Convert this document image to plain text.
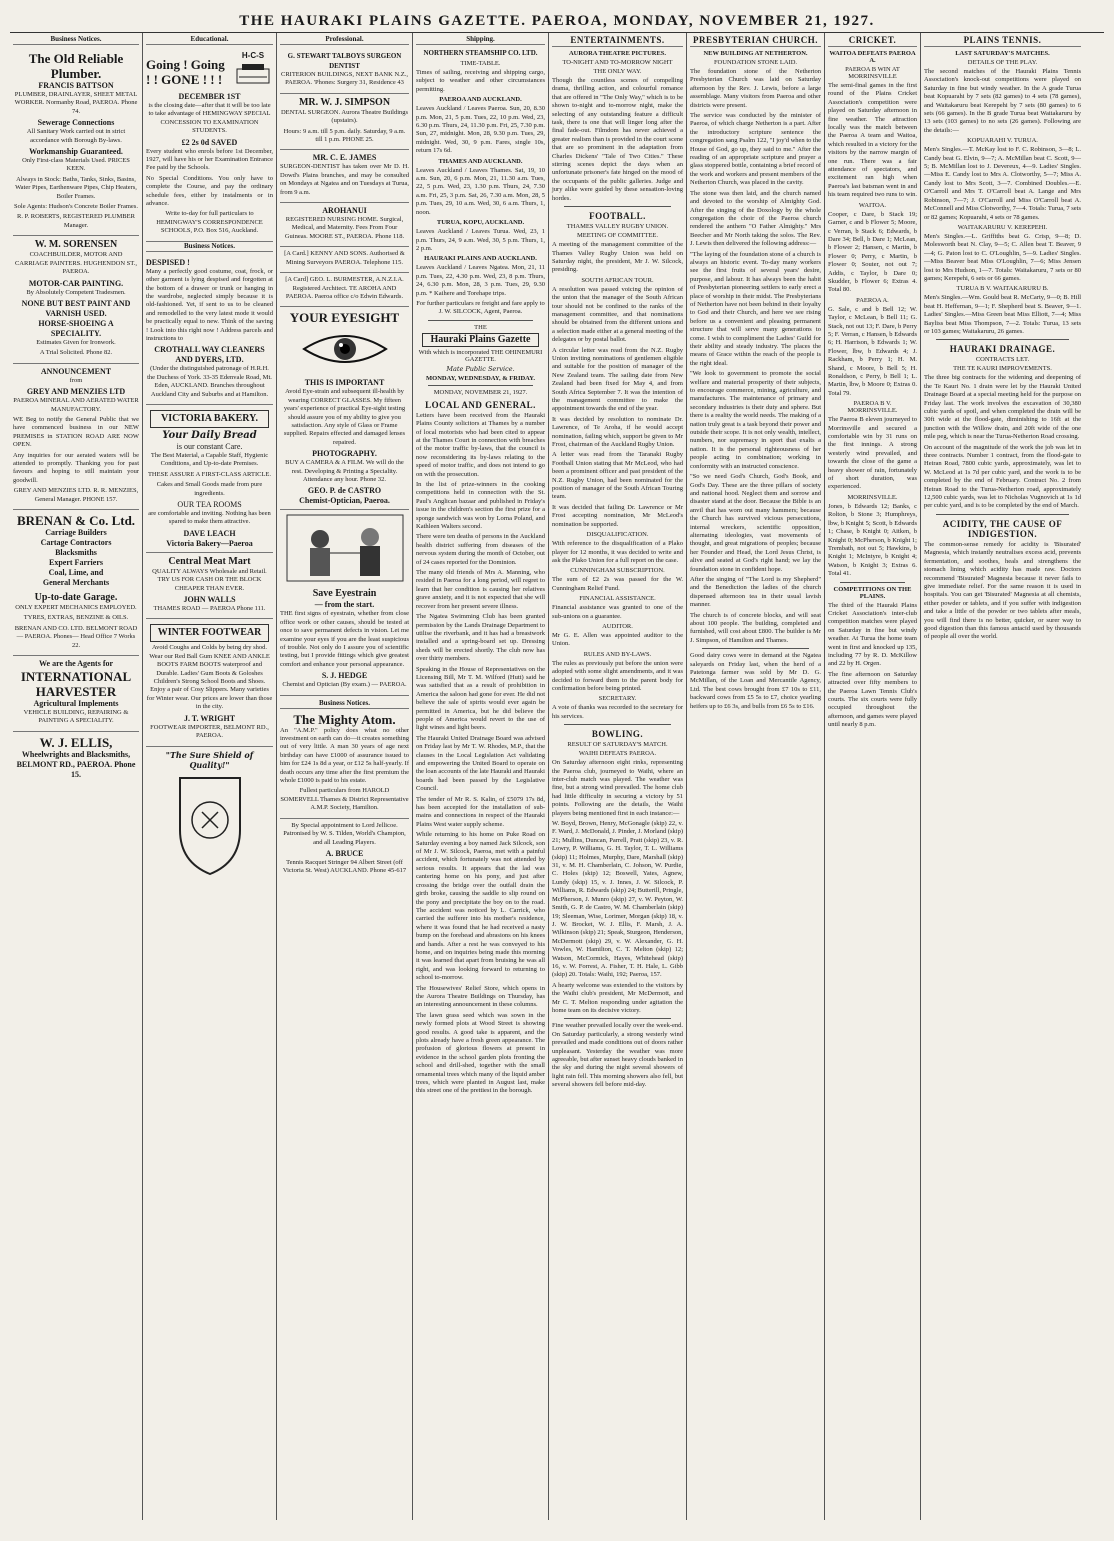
THE HAURAKI PLAINS GAZETTE. PAEROA, MONDAY, NOVEMBER 21, 1927.
Business Notices.
The Old Reliable Plumber.
FRANCIS BATTSON

PLUMBER, DRAINLAYER, SHEET METAL WORKER. Normanby Road, PAEROA. Phone 74.

Sewerage Connections

All Sanitary Work carried out in strict accordance with Borough By-laws.

Workmanship Guaranteed.

Only First-class Materials Used. PRICES KEEN.

Always in Stock: Baths, Tanks, Sinks, Basins, Water Pipes, Earthenware Pipes, Chip Heaters, Boiler Frames.

Sole Agents: Hudson's Concrete Boiler Frames.

R. P. ROBERTS, REGISTERED PLUMBER Manager.

W. M. SORENSEN

COACHBUILDER, MOTOR AND CARRIAGE PAINTERS. HUGHENDON ST., PAEROA.

MOTOR-CAR PAINTING.

By Absolutely Competent Tradesmen.

NONE BUT BEST PAINT AND VARNISH USED.
HORSE-SHOEING A SPECIALITY.

Estimates Given for Ironwork.

A Trial Solicited. Phone 82.

ANNOUNCEMENT

from

GREY AND MENZIES LTD

PAEROA MINERAL AND AERATED WATER MANUFACTORY.

WE Beg to notify the General Public that we have commenced business in our NEW PREMISES in STATION ROAD ARE NOW OPEN.

Any inquiries for our aerated waters will be attended to promptly. Thanking you for past favours and hoping to still maintain your goodwill.

GREY AND MENZIES LTD. R. R. MENZIES, General Manager. PHONE 157.

BRENAN & Co. Ltd.
Carriage Builders
Cartage Contractors
Blacksmiths
Expert Farriers
Coal, Lime, and
General Merchants
Up-to-date Garage.

ONLY EXPERT MECHANICS EMPLOYED.

TYRES, EXTRAS, BENZINE & OILS.

BRENAN AND CO. LTD. BELMONT ROAD — PAEROA. Phones— Head Office 7 Works 22.

We are the Agents for
INTERNATIONAL HARVESTER
Agricultural Implements

VEHICLE BUILDING, REPAIRING & PAINTING A SPECIALITY.

W. J. ELLIS,
Wheelwrights and Blacksmiths, BELMONT RD., PAEROA. Phone 15.
Educational.
Going ! Going ! ! GONE ! ! !
H-C-S
DECEMBER 1ST

is the closing date—after that it will be too late to take advantage of HEMINGWAY SPECIAL CONCESSION TO EXAMINATION STUDENTS.

£2 2s 0d SAVED

Every student who enrols before 1st December, 1927, will have his or her Examination Entrance Fee paid by the Schools.

No Special Conditions. You only have to complete the Course, and pay the ordinary schedule fees, either by instalments or in advance.

Write to-day for full particulars to HEMINGWAY'S CORRESPONDENCE SCHOOLS, P.O. Box 516, Auckland.

Business Notices.
DESPISED !

Many a perfectly good costume, coat, frock, or other garment is lying despised and forgotten at the bottom of a drawer or trunk or hanging in the wardrobe, neglected simply because it is old-fashioned. Yet, if sent to us to be cleaned and remodelled to the very latest mode it would be practically equal to new. Think of the saving ! Look into this right now ! Address parcels and instructions to

CROTHALL WAY CLEANERS AND DYERS, LTD.

(Under the distinguished patronage of H.R.H. the Duchess of York. 33-35 Edenvale Road, Mt. Eden, AUCKLAND. Branches throughout Auckland City and Suburbs and at Hamilton.

VICTORIA BAKERY.
Your Daily Bread
is our constant Care.

The Best Material, a Capable Staff, Hygienic Conditions, and Up-to-date Premises.

THESE ASSURE A FIRST-CLASS ARTICLE.

Cakes and Small Goods made from pure ingredients.

OUR TEA ROOMS

are comfortable and inviting. Nothing has been spared to make them attractive.

DAVE LEACH
Victoria Bakery—Paeroa
Central Meat Mart

QUALITY ALWAYS Wholesale and Retail. TRY US FOR CASH OR THE BLOCK CHEAPER THAN EVER.

JOHN WALLS

THAMES ROAD — PAEROA Phone 111.

WINTER FOOTWEAR

Avoid Coughs and Colds by being dry shod. Wear our Red Ball Gum KNEE AND ANKLE BOOTS FARM BOOTS waterproof and Durable. Ladies' Gum Boots & Goloshes Children's Strong School Boots and Shoes. Enjoy a pair of Cosy Slippers. Many varieties for Winter wear. Our prices are lower than those in the city.

J. T. WRIGHT

FOOTWEAR IMPORTER, BELMONT RD., PAEROA.

"The Sure Shield of Quality!"
Professional.
G. STEWART TALBOYS SURGEON DENTIST

CRITERION BUILDINGS, NEXT BANK N.Z., PAEROA. 'Phones: Surgery 31, Residence 43

MR. W. J. SIMPSON

DENTAL SURGEON. Aurora Theatre Buildings (upstairs).

Hours: 9 a.m. till 5 p.m. daily. Saturday, 9 a.m. till 1 p.m. PHONE 25.

MR. C. E. JAMES

SURGEON-DENTIST has taken over Mr D. H. Dowd's Plains branches, and may be consulted on Mondays at Ngatea and on Tuesdays at Turua, from 9 a.m.

AROHANUI

REGISTERED NURSING HOME. Surgical, Medical, and Maternity. Fees From Four Guineas. MOORE ST., PAEROA. Phone 118.

[A Card.] KENNY AND SONS. Authorised & Mining Surveyors PAEROA. Telephone 115.

[A Card] GEO. L. BURMESTER, A.N.Z.I.A. Registered Architect. TE AROHA AND PAEROA. Paeroa office c/o Edwin Edwards.

YOUR EYESIGHT
THIS IS IMPORTANT

Avoid Eye-strain and subsequent ill-health by wearing CORRECT GLASSES. My fifteen years' experience of practical Eye-sight testing should assure you of my ability to give you satisfaction. Any style of Glass or Frame supplied. Repairs effected and damaged lenses repaired.

PHOTOGRAPHY.

BUY A CAMERA & A FILM. We will do the rest. Developing & Printing a Speciality. Attendance any hour. Phone 32.

GEO. P. de CASTRO
Chemist-Optician, Paeroa.
Save Eyestrain
— from the start.

THE first signs of eyestrain, whether from close office work or other causes, should be tested at once to save permanent defects in vision. Let me examine your eyes if you are the least suspicious of trouble. Not only do I assure you of scientific testing, but I provide fittings which give greatest comfort and enhance your personal appearance.

S. J. HEDGE

Chemist and Optician (By exam.) — PAEROA.

Business Notices.
The Mighty Atom.

An "A.M.P." policy does what no other investment on earth can do—it creates something out of very little. A man 30 years of age next birthday can have £1000 of assurance issued to him for £24 1s 8d a year, or £12 5s half-yearly. If death occurs any time after the first premium the whole £1000 is paid to his estate.

Fullest particulars from HAROLD SOMERVELL Thames & District Representative A.M.P. Society, Hamilton.

By Special appointment to Lord Jellicoe. Patronised by W. S. Tilden, World's Champion, and all Leading Players.

A. BRUCE

Tennis Racquet Stringer 94 Albert Street (off Victoria St. West) AUCKLAND. Phone 45-617

Shipping.
NORTHERN STEAMSHIP CO. LTD.
TIME-TABLE.

Times of sailing, receiving and shipping cargo, subject to weather and other circumstances permitting.

PAEROA AND AUCKLAND.

Leaves Auckland / Leaves Paeroa. Sun, 20, 8.30 p.m. Mon, 21, 5 p.m. Tues, 22, 10 p.m. Wed, 23, 6.30 p.m. Thurs, 24, 11.30 p.m. Fri, 25, 7.30 p.m. Sun, 27, midnight. Mon, 28, 9.30 p.m. Tues, 29, midnight. Wed, 30, 9 p.m. Fares, single 10s, return 17s 6d.

THAMES AND AUCKLAND.

Leaves Auckland / Leaves Thames. Sat, 19, 10 a.m. Sun, 20, 6 p.m. Mon, 21, 11.30 a.m. Tues, 22, 5 p.m. Wed, 23, 1.30 p.m. Thurs, 24, 7.30 a.m. Fri, 25, 3 p.m. Sat, 26, 7.30 a.m. Mon, 28, 5 p.m. Tues, 29, 10 a.m. Wed, 30, 6 a.m. Thurs, 1, noon.

TURUA, KOPU, AUCKLAND.

Leaves Auckland / Leaves Turua. Wed, 23, 1 p.m. Thurs, 24, 9 a.m. Wed, 30, 5 p.m. Thurs, 1, 2 p.m.

HAURAKI PLAINS AND AUCKLAND.

Leaves Auckland / Leaves Ngatea. Mon, 21, 11 p.m. Tues, 22, 4.30 p.m. Wed, 23, 8 p.m. Thurs, 24, 6.30 p.m. Mon, 28, 3 p.m. Tues, 29, 9.30 p.m. * Kaihere and Torehape trips.

For further particulars re freight and fare apply to J. W. SILCOCK, Agent, Paeroa.

THE
Hauraki Plains Gazette
With which is incorporated THE OHINEMURI GAZETTE.
Mate Public Service.
MONDAY, WEDNESDAY, & FRIDAY.
MONDAY, NOVEMBER 21, 1927.
LOCAL AND GENERAL.

Letters have been received from the Hauraki Plains County solicitors at Thames by a number of local motorists who had been cited to appear at the Thames Court in connection with breaches of the motor traffic by-laws, that the council is now reconsidering its by-laws relating to the speed of motor traffic, and does not intend to go on with the prosecution.

In the list of prize-winners in the cooking competitions held in connection with the St. Paul's Anglican bazaar and published in Friday's issue in the children's section the first prize for a sponge sandwich was won by Lorna Poland, and Kathleen Walters second.

There were ten deaths of persons in the Auckland health district suffering from diseases of the nervous system during the month of October, out of 24 cases reported for the Dominion.

The many old friends of Mrs A. Manning, who resided in Paeroa for a long period, will regret to learn that her condition is causing her relatives grave anxiety, and it is not expected that she will recover from her present severe illness.

The Ngatea Swimming Club has been granted permission by the Lands Drainage Department to utilise the riverbank, and it has had a breastwork installed and a spring-board set up. Dressing sheds will be erected shortly. The club now has over thirty members.

Speaking in the House of Representatives on the Licensing Bill, Mr T. M. Wilford (Hutt) said he was satisfied that as a result of prohibition in America the saloon had gone for ever. He did not believe the sale of spirits would ever again be permitted in America, but he did believe the people of America would revert to the use of light wines and light beers.

The Hauraki United Drainage Board was advised on Friday last by Mr T. W. Rhodes, M.P., that the clauses in the Local Legislation Act validating and empowering the United Board to operate on the loan accounts of the late Hauraki and Hauraki boards had been passed by the Legislative Council.

The tender of Mr R. S. Kalin, of £5079 17s 8d, has been accepted for the installation of sub-mains and connections in respect of the Hauraki Plains West water supply scheme.

While returning to his home on Puke Road on Saturday evening a boy named Jack Silcock, son of Mr J. W. Silcock, Paeroa, met with a painful accident, which fortunately was not attended by serious results. It appears that the lad was cantering home on his pony, and just after crossing the bridge over the outfall drain the girth broke, causing the saddle to slip round on the pony and precipitate the boy on to the road. The accident was noticed by L. Carrick, who carried the sufferer into his mother's residence, where it was found that he had received a nasty bump on the forehead and abrasions on his knees and hands. After a rest he was conveyed to his home, and on inquiries being made this morning it was learned that apart from bruising he was all right, and was looking forward to returning to school to-morrow.

The Housewives' Relief Store, which opens in the Aurora Theatre Buildings on Thursday, has an interesting announcement in these columns.

The lawn grass seed which was sown in the newly formed plots at Wood Street is showing good results. A good take is apparent, and the plots already have a fresh green appearance. The profusion of glorious flowers at present in evidence in the school garden plots fronting the school and drill-shed, together with the small ornamental trees which many of the liquid amber trees, which were planted in August last, make this street one of the prettiest in the borough.

ENTERTAINMENTS.
AURORA THEATRE PICTURES.
TO-NIGHT AND TO-MORROW NIGHT
THE ONLY WAY.

Though the countless scenes of compelling drama, thrilling action, and colourful romance that are offered in "The Only Way," which is to be shown to-night and to-morrow night, make the selecting of any outstanding feature a difficult task, there is one that will linger long after the final fade-out. Filmdom has never achieved a greater realism than is provided in the court scene that are so prominent in the adaptation from Charles Dickens' "Tale of Two Cities." These stirring scenes depict the days when an unfortunate prisoner's fate hinged on the mood of the occupants of the public galleries. Judge and jury alike were guided by these sensation-loving hordes.

FOOTBALL.
THAMES VALLEY RUGBY UNION.
MEETING OF COMMITTEE.

A meeting of the management committee of the Thames Valley Rugby Union was held on Saturday night, the president, Mr J. W. Silcock, presiding.

SOUTH AFRICAN TOUR.

A resolution was passed voicing the opinion of the union that the manager of the South African tour should not be confined to the ranks of the management committee, and that nominations should be obtained from the different unions and a selection made either at a general meeting of the delegates or by postal ballot.

A circular letter was read from the N.Z. Rugby Union inviting nominations of gentlemen eligible and suitable for the position of manager of the New Zealand team. The sailing date from New Zealand had been fixed for May 4, and from South Africa September 7. It was the intention of the management committee to make the appointment towards the end of the year.

It was decided by resolution to nominate Dr. Lawrence, of Te Aroha, if he would accept nomination, failing which, support be given to Mr Frost, chairman of the Auckland Rugby Union.

A letter was read from the Taranaki Rugby Football Union stating that Mr McLeod, who had been a prominent officer and past president of the N.Z. Rugby Union, had been nominated for the position of manager of the South African Touring team.

It was decided that failing Dr. Lawrence or Mr Frost accepting nomination, Mr McLeod's nomination be supported.

DISQUALIFICATION.

With reference to the disqualification of a Plako player for 12 months, it was decided to write and ask the Plako Union for a full report on the case.

CUNNINGHAM SUBSCRIPTION.

The sum of £2 2s was passed for the W. Cunningham Relief Fund.

FINANCIAL ASSISTANCE.

Financial assistance was granted to one of the sub-unions on a guarantee.

AUDITOR.

Mr G. E. Allen was appointed auditor to the Union.

RULES AND BY-LAWS.

The rules as previously put before the union were adopted with some slight amendments, and it was decided to forward them to the parent body for confirmation before being printed.

SECRETARY.

A vote of thanks was recorded to the secretary for his services.

BOWLING.
RESULT OF SATURDAY'S MATCH.
WAIHI DEFEATS PAEROA.

On Saturday afternoon eight rinks, representing the Paeroa club, journeyed to Waihi, where an inter-club match was played. The weather was fine, but a strong wind prevailed. The home club had little difficulty in securing a victory by 51 points. Following are the details, the Waihi players being mentioned first in each instance:—

W. Boyd, Brown, Henry, McGonagle (skip) 22, v. F. Ward, J. McDonald, J. Pinder, J. Morland (skip) 21; Mullins, Duncan, Parrell, Pratt (skip) 23, v. R. Lowry, P. Williams, G. H. Taylor, T. L. Williams (skip) 11; Holmes, Murphy, Dare, Marshall (skip) 31, v. M. H. Chamberlain, C. Johson, W. Purdie, C. Holes (skip) 12; Boswell, Yates, Agnew, Lundy (skip) 15, v. J. Innes, J. W. Silcock, P. Williams, R. Edwards (skip) 24; Butterill, Pringle, McPherson, J. Munro (skip) 27, v. W. Peyton, W. Smith, G. P. de Castro, W. M. Chamberlain (skip) 19; Sleeman, Wise, Lorimer, Morgan (skip) 18, v. J. W. Brocket, W. J. Ellis, F. Marsh, J. A. Wilkinson (skip) 21; Speak, Sturgeon, Henderson, McDermott (skip) 29, v. W. Alexander, G. H. Vowles, W. Hamilton, C. T. Melton (skip) 12; Watson, McCormick, Hayes, Whitehead (skip) 16, v. W. Forrest, A. Fisher, T. H. Hale, L. Gibb (skip) 20. Totals: Waihi, 192; Paeroa, 157.

A hearty welcome was extended to the visitors by the Waihi club's president, Mr McDermott, and Mr C. T. Melton responding under agitation the home team on its decisive victory.

Fine weather prevailed locally over the week-end. On Saturday particularly, a strong westerly wind prevailed and made conditions out of doors rather unpleasant. Yesterday the weather was more agreeable, but after sunset heavy clouds banked in the sky and during the night several showers of light rain fell. This morning showers also fell, but several showers fell before mid-day.

PRESBYTERIAN CHURCH.
NEW BUILDING AT NETHERTON.
FOUNDATION STONE LAID.

The foundation stone of the Netherton Presbyterian Church was laid on Saturday afternoon by the Rev. J. Lewis, before a large assemblage. Many visitors from Paeroa and other districts were present.

The service was conducted by the minister of Paeroa, of which charge Netherton is a part. After the introductory scripture sentence the congregation sang Psalm 122, "I joy'd when to the House of God, go up, they said to me." After the reading of an appropriate scripture and prayer a glass stoppered bottle, containing a brief record of the work and workers and present members of the Netherton Church, was placed in the cavity.

The stone was then laid, and the church named and devoted to the worship of Almighty God. After the singing of the Doxology by the whole congregation the choir of the Paeroa church rendered the anthem "O Father Almighty." Mrs Beecher and Mr North taking the solos. The Rev. J. Lewis then delivered the following address:—

"The laying of the foundation stone of a church is always an historic event. To-day many workers see the first fruits of several years' desire, purpose, and labour. It has always been the habit of Presbyterian pioneering settlers to early erect a place of worship in their midst. The Presbyterians of Netherton have not been behind in their loyalty to God and their Church, and here we see rising before us a convenient and pleasing permanent structure that will serve many generations to come. I wish to compliment the Ladies' Guild for their ability and steady industry. The places the means of Grace within the reach of the people is the right ideal.

"We look to government to promote the social welfare and material prosperity of their subjects, to encourage commerce, mining, agriculture, and manufactures. The maintenance of primary and secondary industries is their duty and sphere. But there is a reality the world needs. The making of a nation truly great is a task beyond their power and outside their scope. It is not only wealth, intellect, numbers, nor supremacy in sport that exalts a nation. It is the personal righteousness of her people acting in combination; working in conformity with an instructed conscience.

"So we need God's Church, God's Book, and God's Day. These are the three pillars of society and national hood. Neglect them and sorrow and disaster stand at the door. Because the Bible is an anvil that has worn out many hammers; because the Church has survived vicious persecutions, internal wreckers, scientific opposition, alternating ideologies, vast movements of thought, and great migrations of peoples; because her Founder and Head, the Lord Jesus Christ, is alive and seated at God's right hand; we lay the foundation stone in confident hope.

After the singing of "The Lord is my Shepherd" and the Benediction the ladies of the church dispensed afternoon tea in their usual lavish manner.

The church is of concrete blocks, and will seat about 100 people. The building, completed and furnished, will cost about £800. The builder is Mr J. Simpson, of Hamilton and Thames.

Good dairy cows were in demand at the Ngatea saleyards on Friday last, when the herd of a Patetonga farmer was sold by Mr D. G. McMillan, of the Loan and Mercantile Agency, Ltd. The best cows brought from £7 10s to £11, backward cows from £5 5s to £7, choice yearling heifers up to £6 3s, and bulls from £6 5s to £16.

CRICKET.
WAITOA DEFEATS PAEROA A.
PAEROA B WIN AT MORRINSVILLE

The semi-final games in the first round of the Plains Cricket Association's competition were played on Saturday afternoon in fine weather. The attraction locally was the match between the Paeroa A team and Waitoa, which resulted in a victory for the visitors by the narrow margin of one run. There was a fair attendance of spectators, and excitement ran high when Paeroa's last batsman went in and his team required two runs to win.

WAITOA.

Cooper, c Dare, b Stack 19; Garner, c and b Flower 5; Moore, c Verran, b Stack 6; Edwards, b Dare 34; Bell, b Dare 1; McLean, b Flower 2; Hansen, c Martin, b Flower 0; Perry, c Martin, b Flower 0; Souter, not out 7; Addis, c Taylor, b Dare 0; Skudder, b Flower 6; Extras 4. Total 80.

PAEROA A.

G. Sale, c and b Bell 12; W. Taylor, c McLean, b Bell 11; G. Stack, not out 13; F. Dare, b Perry 5; F. Verran, c Hansen, b Edwards 6; H. Harrison, b Edwards 1; W. Flower, lbw, b Edwards 4; J. Rackham, b Perry 1; H. M. Shand, c Moore, b Bell 5; H. Ronaldson, c Perry, b Bell 1; L. Martin, lbw, b Moore 0; Extras 0. Total 79.

PAEROA B V. MORRINSVILLE.

The Paeroa B eleven journeyed to Morrinsville and secured a comfortable win by 31 runs on the first innings. A strong westerly wind prevailed, and towards the close of the game a heavy shower of rain, fortunately of short duration, was experienced.

MORRINSVILLE.

Jones, b Edwards 12; Banks, c Rolton, b Stone 3; Humphreys, lbw, b Knight 5; Scott, b Edwards 1; Chase, b Knight 0; Aitken, b Knight 0; McPherson, b Knight 1; Trembath, not out 5; Hawkins, b Knight 1; McIntyre, b Knight 4; Watson, b Knight 3; Extras 6. Total 41.

COMPETITIONS ON THE PLAINS.

The third of the Hauraki Plains Cricket Association's inter-club competition matches were played on Saturday in fine but windy weather. At Turua the home team went in first and knocked up 135, including 77 by R. D. McKillow and 22 by H. Orgen.

The fine afternoon on Saturday attracted over fifty members to the Paeroa Lawn Tennis Club's courts. The six courts were fully occupied throughout the afternoon, and games were played until nearly 8 p.m.

PLAINS TENNIS.
LAST SATURDAY'S MATCHES.
DETAILS OF THE PLAY.

The second matches of the Hauraki Plains Tennis Association's knock-out competitions were played on Saturday in fine but windy weather. In the A grade Turua beat Kopuarahi by 7 sets (82 games) to 4 sets (78 games), and Waitakaruru beat Kerepehi by 7 sets (80 games) to 6 sets (66 games). In the B grade Turua beat Waitakaruru by 13 sets (103 games) to no sets (26 games). Following are the details:—

KOPUARAHI V. TURUA.

Men's Singles.—T. McKay lost to F. C. Robinson, 3—8; L. Candy beat G. Elvin, 9—7; A. McMillan beat C. Scott, 9—5; B. McMillan lost to J. Devereux, 4—9. Ladies' Singles.—Miss E. Candy lost to Mrs A. Clotworthy, 5—7; Miss A. Candy lost to Mrs Scott, 3—7. Combined Doubles.—E. O'Carroll and Mrs T. O'Carroll beat A. Lange and Mrs Robinson, 7—7; J. O'Carroll and Miss O'Carroll beat A. McConnell and Miss Clotworthy, 7—4. Totals: Turua, 7 sets or 82 games; Kopuarahi, 4 sets or 78 games.

WAITAKARURU V. KEREPEHI.

Men's Singles.—L. Griffiths beat G. Crisp, 9—8; D. Molesworth beat N. Clay, 9—5; C. Allen beat T. Beaver, 9—4; G. Paton lost to C. O'Loughlin, 5—9. Ladies' Singles.—Miss Beaver beat Miss O'Loughlin, 7—6; Miss Jensen lost to Mrs Hudson, 1—7. Totals: Waitakaruru, 7 sets or 80 games; Kerepehi, 6 sets or 66 games.

TURUA B V. WAITAKARURU B.

Men's Singles.—Wm. Gould beat R. McCarty, 9—0; B. Hill beat H. Heffernan, 9—1; F. Shepherd beat S. Beaver, 9—1. Ladies' Singles.—Miss Green beat Miss Elliott, 7—4; Miss Bayliss beat Miss Thompson, 7—2. Totals: Turua, 13 sets or 103 games; Waitakaruru, 26 games.

HAURAKI DRAINAGE.
CONTRACTS LET.
THE TE KAURI IMPROVEMENTS.

The three big contracts for the widening and deepening of the Te Kauri No. 1 drain were let by the Hauraki United Drainage Board at a special meeting held for the purpose on Friday last. The work involves the excavation of 30,380 cubic yards of spoil, and when completed the drain will be 30ft wide at the flood-gate, diminishing to 16ft at the junction with the Willow drain, and 20ft wide of the one mile peg, which is near the Turua-Netherton Road crossing.

On account of the magnitude of the work the job was let in three contracts. Number 1 contract, from the flood-gate to Heiran Road, 7800 cubic yards, approximately, was let to W. McLeod at 1s 7d per cubic yard, and the work is to be completed by the end of February. Contract No. 2 from Heiran Road to the Turua-Netherton road, approximately 12,500 cubic yards, was let to Nicholas Vugnovich at 1s 1d per cubic yard, and is to be completed by the end of March.

ACIDITY, THE CAUSE OF INDIGESTION.

The common-sense remedy for acidity is 'Bisurated' Magnesia, which instantly neutralises excess acid, prevents fermentation, and soothes, heals and strengthens the stomach lining which acidity has made raw. Doctors recommend 'Bisurated' Magnesia because it never fails to give immediate relief. For the same reason it is used in hospitals. You can get 'Bisurated' Magnesia at all chemists, either powder or tablets, and if you suffer with indigestion and take a little of the powder or two tablets after meals, you will find there is no better, quicker, or surer way to good digestion than this famous antacid used by thousands of people all over the world.
